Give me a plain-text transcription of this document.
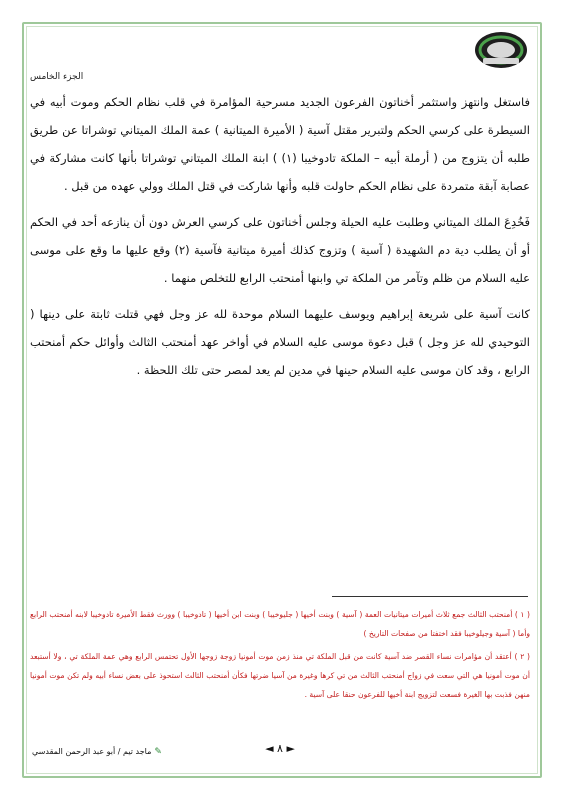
الجزء الخامس

فاستغل وانتهز واستثمر أخناتون الفرعون الجديد مسرحية المؤامرة في قلب نظام الحكم وموت أبيه في السيطرة على كرسي الحكم ولتبرير مقتل آسية ( الأميرة الميتانية ) عمة الملك الميتاني توشراتا عن طريق طلبه أن يتزوج من ( أرملة أبيه – الملكة تادوخيبا (١) ) ابنة الملك الميتاني توشراتا بأنها كانت مشاركة في عصابة آبقة متمردة على نظام الحكم حاولت قلبه وأنها شاركت في قتل الملك وولي عهده من قبل .

فَخُدِعَ الملك الميتاني وطلبت عليه الحيلة وجلس أخناتون على كرسي العرش دون أن ينازعه أحد في الحكم أو أن يطلب دية دم الشهيدة ( آسية ) وتزوج كذلك أميرة ميتانية فآسية (٢) وقع عليها ما وقع على موسى عليه السلام من ظلم وتآمر من الملكة تي وابنها أمنحتب الرابع للتخلص منهما .

كانت آسية على شريعة إبراهيم ويوسف عليهما السلام موحدة لله عز وجل فهي قتلت ثابتة على دينها ( التوحيدي لله عز وجل ) قبل دعوة موسى عليه السلام في أواخر عهد أمنحتب الثالث وأوائل حكم أمنحتب الرابع ، وقد كان موسى عليه السلام حينها في مدين لم يعد لمصر حتى تلك اللحظة .

( ١ ) أمنحتب الثالث جمع ثلاث أميرات ميتانيات العمة ( آسية ) وبنت أخيها ( جليوخيبا ) وبنت ابن أخيها ( تادوخيبا ) وورث فقط الأميرة تادوخيبا لابنه أمنحتب الرابع وأما ( آسية وجيلوخيبا فقد اختفتا من صفحات التاريخ )

( ٢ ) أعتقد أن مؤامرات نساء القصر ضد آسية كانت من قبل الملكة تي منذ زمن موت أمونيا زوجة زوجها الأول تحتمس الرابع وهي عمة الملكة تي ، ولا أستبعد أن موت أمونيا هي التي سعت في زواج أمنحتب الثالث من تي كرها وغيرة من آسيا ضرتها فكأن أمنحتب الثالث استحوذ على بعض نساء أبيه ولم تكن موت أمونيا منهن فذبت بها الغيرة فسعت لتزويج ابنة أخيها للفرعون حنقا على آسية .

◄ ٨ ►
✎ماجد تيم / أبو عبد الرحمن المقدسي
